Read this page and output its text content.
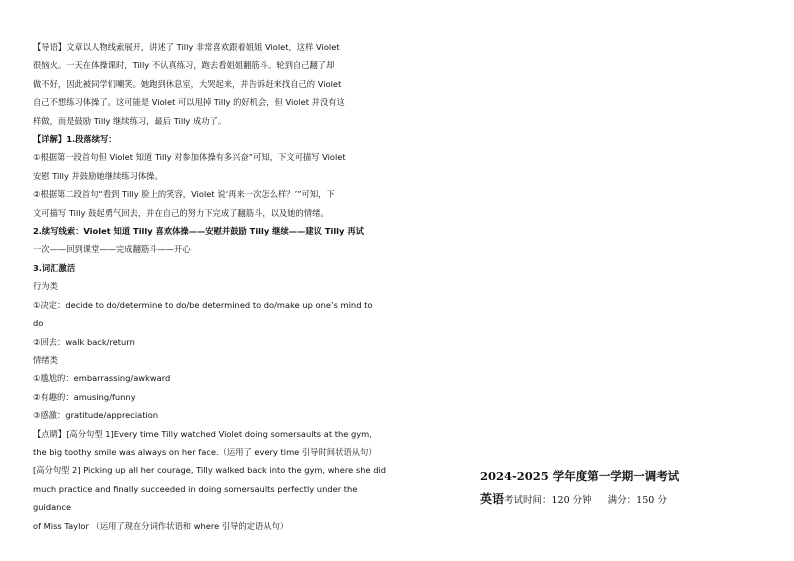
【导语】文章以人物线索展开，讲述了 Tilly 非常喜欢跟着姐姐 Violet，这样 Violet

很恼火。一天在体操课时，Tilly 不认真练习，跑去看姐姐翻筋斗。轮到自己翻了却

做不好，因此被同学们嘲笑。她跑到休息室，大哭起来，并告诉赶来找自己的 Violet

自己不想练习体操了。这可能是 Violet 可以甩掉 Tilly 的好机会，但 Violet 并没有这

样做，而是鼓励 Tilly 继续练习，最后 Tilly 成功了。

【详解】1.段落续写：

①根据第一段首句但 Violet 知道 Tilly 对参加体操有多兴奋”可知，下文可描写 Violet

安慰 Tilly 并鼓励她继续练习体操。

②根据第二段首句“看到 Tilly 脸上的笑容，Violet 说‘再来一次怎么样？’”可知，下

文可描写 Tilly 鼓起勇气回去，并在自己的努力下完成了翻筋斗，以及她的情绪。

2.续写线索：Violet 知道 Tilly 喜欢体操——安慰并鼓励 Tilly 继续——建议 Tilly 再试

一次——回到课堂——完成翻筋斗——开心

3.词汇激活

行为类

①决定：decide to do/determine to do/be determined to do/make up one’s mind to

do

②回去：walk back/return

情绪类

①尴尬的：embarrassing/awkward

②有趣的：amusing/funny

③感激：gratitude/appreciation

【点睛】[高分句型 1]Every time Tilly watched Violet doing somersaults at the gym,

the big toothy smile was always on her face.（运用了 every time 引导时间状语从句）

[高分句型 2] Picking up all her courage, Tilly walked back into the gym, where she did

much practice and finally succeeded in doing somersaults perfectly under the guidance

of Miss Taylor （运用了现在分词作状语和 where 引导的定语从句）

2024-2025 学年度第一学期一调考试
英语考试时间：120 分钟 满分：150 分
